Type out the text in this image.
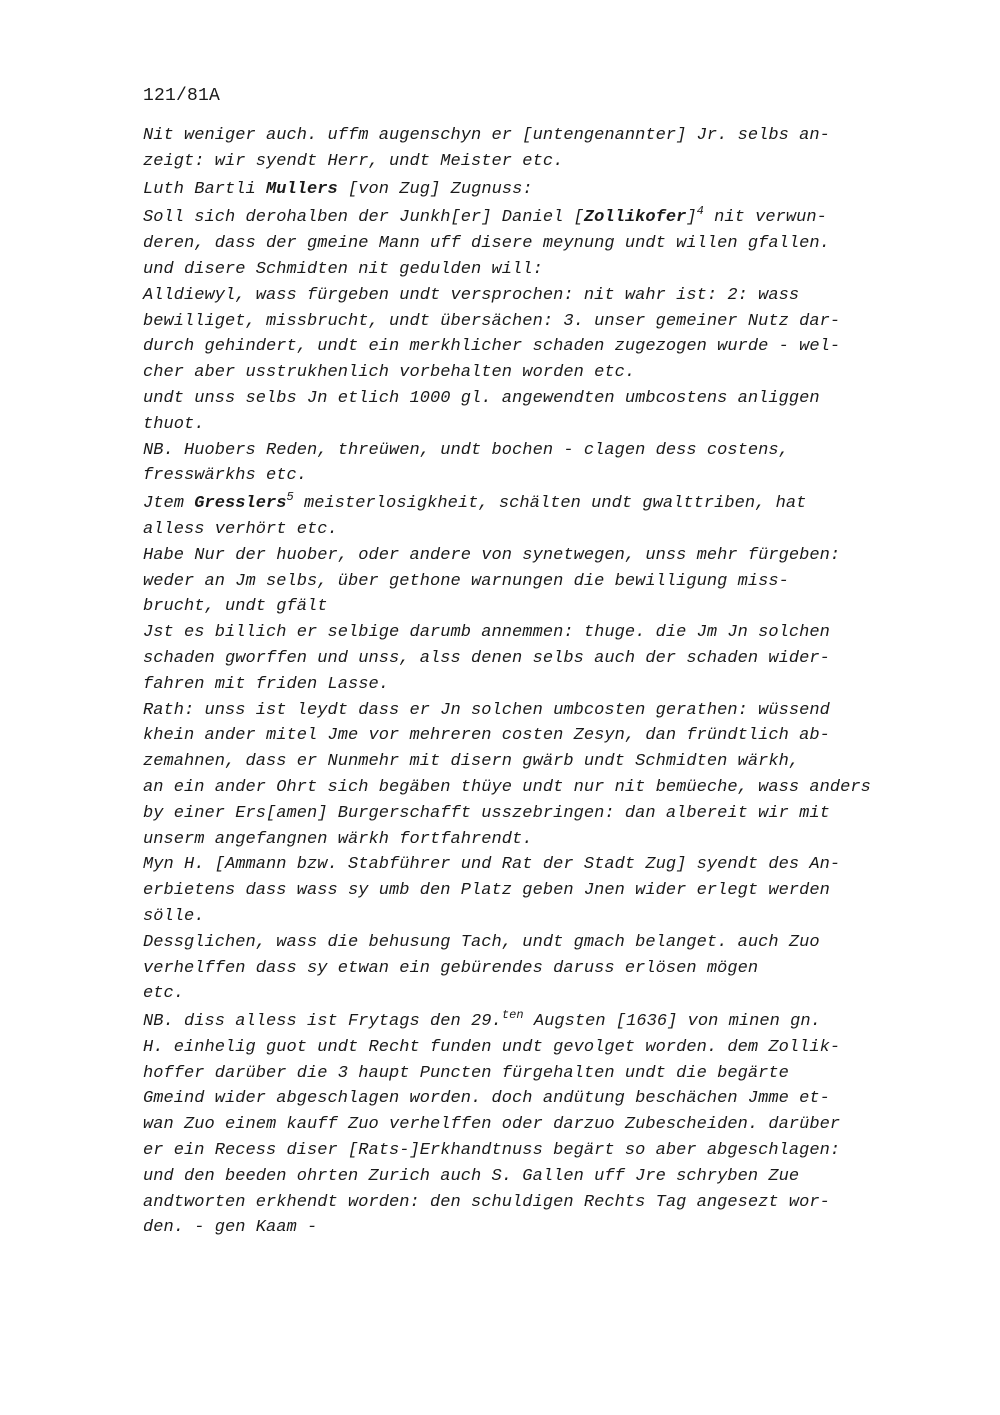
121/81A
Nit weniger auch. uffm augenschyn er [untengenannter] Jr. selbs an-
zeigt: wir syendt Herr, undt Meister etc.
Luth Bartli Mullers [von Zug] Zugnuss:
Soll sich derohalben der Junkh[er] Daniel [Zollikofer]$^4$ nit verwun-
deren, dass der gmeine Mann uff disere meynung undt willen gfallen.
und disere Schmidten nit gedulden will:
Alldiewyl, wass fürgeben undt versprochen: nit wahr ist: 2: wass
bewilliget, missbrucht, undt übersächen: 3. unser gemeiner Nutz dar-
durch gehindert, undt ein merkhlicher schaden zugezogen wurde - wel-
cher aber usstrukhenlich vorbehalten worden etc.
undt unss selbs Jn etlich 1000 gl. angewendten umbcostens anliggen
thuot.
NB. Huobers Reden, threüwen, undt bochen - clagen dess costens,
fresswärkhs etc.
Jtem Gresslers$^5$ meisterlosigkheit, schälten undt gwalttriben, hat
alless verhört etc.
Habe Nur der huober, oder andere von synetwegen, unss mehr fürgeben:
weder an Jm selbs, über gethone warnungen die bewilligung miss-
brucht, undt gfält
Jst es billich er selbige darumb annemmen: thuge. die Jm Jn solchen
schaden gworffen und unss, alss denen selbs auch der schaden wider-
fahren mit friden Lasse.
Rath: unss ist leydt dass er Jn solchen umbcosten gerathen: wüssend
khein ander mitel Jme vor mehreren costen Zesyn, dan fründtlich ab-
zemahnen, dass er Nunmehr mit disern gwärb undt Schmidten wärkh,
an ein ander Ohrt sich begäben thüye undt nur nit bemüeche, wass anders
by einer Ers[amen] Burgerschafft usszebringen: dan albereit wir mit
unserm angefangnen wärkh fortfahrendt.
Myn H. [Ammann bzw. Stabführer und Rat der Stadt Zug] syendt des An-
erbietens dass wass sy umb den Platz geben Jnen wider erlegt werden
sölle.
Dessglichen, wass die behusung Tach, undt gmach belanget. auch Zuo
verhelffen dass sy etwan ein gebürendes daruss erlösen mögen
etc.
NB. diss alless ist Frytags den 29.$^{ten}$ Augsten [1636] von minen gn.
H. einhelig guot undt Recht funden undt gevolget worden. dem Zollik-
hoffer darüber die 3 haupt Puncten fürgehalten undt die begärte
Gmeind wider abgeschlagen worden. doch andütung beschächen Jmme et-
wan Zuo einem kauff Zuo verhelffen oder darzuo Zubescheiden. darüber
er ein Recess diser [Rats-]Erkhandtnuss begärt so aber abgeschlagen:
und den beeden ohrten Zurich auch S. Gallen uff Jre schryben Zue
andtworten erkhendt worden: den schuldigen Rechts Tag angesezt wor-
den. - gen Kaam -
